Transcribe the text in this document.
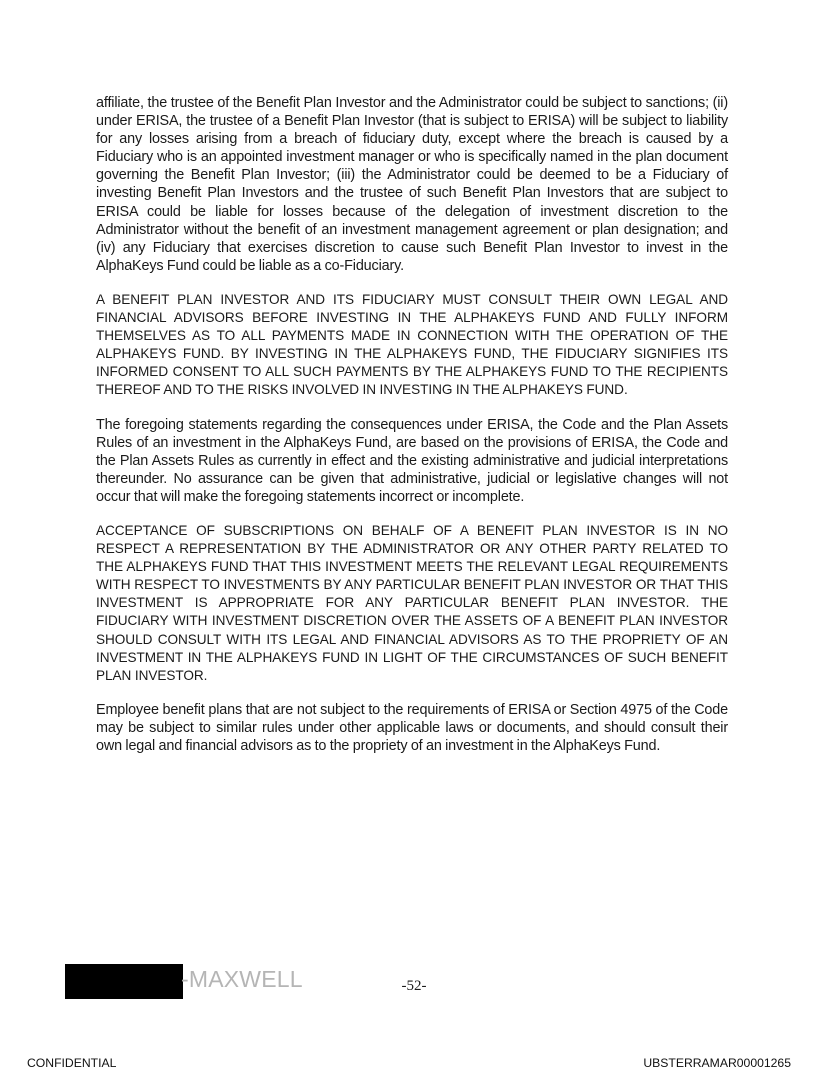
affiliate, the trustee of the Benefit Plan Investor and the Administrator could be subject to sanctions; (ii) under ERISA, the trustee of a Benefit Plan Investor (that is subject to ERISA) will be subject to liability for any losses arising from a breach of fiduciary duty, except where the breach is caused by a Fiduciary who is an appointed investment manager or who is specifically named in the plan document governing the Benefit Plan Investor; (iii) the Administrator could be deemed to be a Fiduciary of investing Benefit Plan Investors and the trustee of such Benefit Plan Investors that are subject to ERISA could be liable for losses because of the delegation of investment discretion to the Administrator without the benefit of an investment management agreement or plan designation; and (iv) any Fiduciary that exercises discretion to cause such Benefit Plan Investor to invest in the AlphaKeys Fund could be liable as a co-Fiduciary.

A BENEFIT PLAN INVESTOR AND ITS FIDUCIARY MUST CONSULT THEIR OWN LEGAL AND FINANCIAL ADVISORS BEFORE INVESTING IN THE ALPHAKEYS FUND AND FULLY INFORM THEMSELVES AS TO ALL PAYMENTS MADE IN CONNECTION WITH THE OPERATION OF THE ALPHAKEYS FUND. BY INVESTING IN THE ALPHAKEYS FUND, THE FIDUCIARY SIGNIFIES ITS INFORMED CONSENT TO ALL SUCH PAYMENTS BY THE ALPHAKEYS FUND TO THE RECIPIENTS THEREOF AND TO THE RISKS INVOLVED IN INVESTING IN THE ALPHAKEYS FUND.

The foregoing statements regarding the consequences under ERISA, the Code and the Plan Assets Rules of an investment in the AlphaKeys Fund, are based on the provisions of ERISA, the Code and the Plan Assets Rules as currently in effect and the existing administrative and judicial interpretations thereunder. No assurance can be given that administrative, judicial or legislative changes will not occur that will make the foregoing statements incorrect or incomplete.

ACCEPTANCE OF SUBSCRIPTIONS ON BEHALF OF A BENEFIT PLAN INVESTOR IS IN NO RESPECT A REPRESENTATION BY THE ADMINISTRATOR OR ANY OTHER PARTY RELATED TO THE ALPHAKEYS FUND THAT THIS INVESTMENT MEETS THE RELEVANT LEGAL REQUIREMENTS WITH RESPECT TO INVESTMENTS BY ANY PARTICULAR BENEFIT PLAN INVESTOR OR THAT THIS INVESTMENT IS APPROPRIATE FOR ANY PARTICULAR BENEFIT PLAN INVESTOR. THE FIDUCIARY WITH INVESTMENT DISCRETION OVER THE ASSETS OF A BENEFIT PLAN INVESTOR SHOULD CONSULT WITH ITS LEGAL AND FINANCIAL ADVISORS AS TO THE PROPRIETY OF AN INVESTMENT IN THE ALPHAKEYS FUND IN LIGHT OF THE CIRCUMSTANCES OF SUCH BENEFIT PLAN INVESTOR.

Employee benefit plans that are not subject to the requirements of ERISA or Section 4975 of the Code may be subject to similar rules under other applicable laws or documents, and should consult their own legal and financial advisors as to the propriety of an investment in the AlphaKeys Fund.

-MAXWELL	-52-
CONFIDENTIAL	UBSTERRAMAR00001265
